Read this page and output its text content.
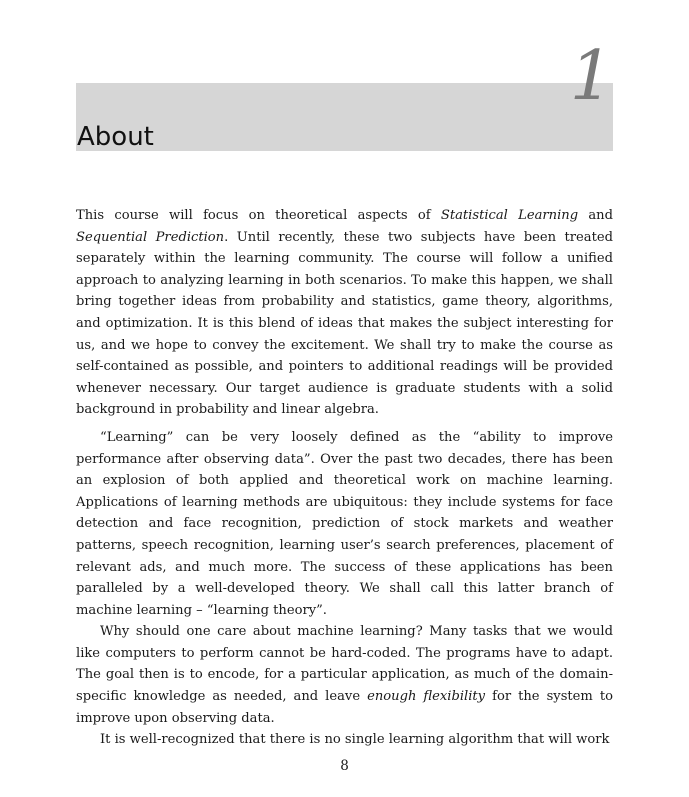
1
About

This course will focus on theoretical aspects of Statistical Learning and Sequential Prediction. Until recently, these two subjects have been treated separately within the learning community. The course will follow a unified approach to analyzing learning in both scenarios. To make this happen, we shall bring together ideas from probability and statistics, game theory, algorithms, and optimization. It is this blend of ideas that makes the subject interesting for us, and we hope to convey the excitement. We shall try to make the course as self-contained as possible, and pointers to additional readings will be provided whenever necessary. Our target audience is graduate students with a solid background in probability and linear algebra.

“Learning” can be very loosely defined as the “ability to improve performance after observing data”. Over the past two decades, there has been an explosion of both applied and theoretical work on machine learning. Applications of learning methods are ubiquitous: they include systems for face detection and face recognition, prediction of stock markets and weather patterns, speech recognition, learning user’s search preferences, placement of relevant ads, and much more. The success of these applications has been paralleled by a well-developed theory. We shall call this latter branch of machine learning – “learning theory”.

Why should one care about machine learning? Many tasks that we would like computers to perform cannot be hard-coded. The programs have to adapt. The goal then is to encode, for a particular application, as much of the domain-specific knowledge as needed, and leave enough flexibility for the system to improve upon observing data.

It is well-recognized that there is no single learning algorithm that will work

8
